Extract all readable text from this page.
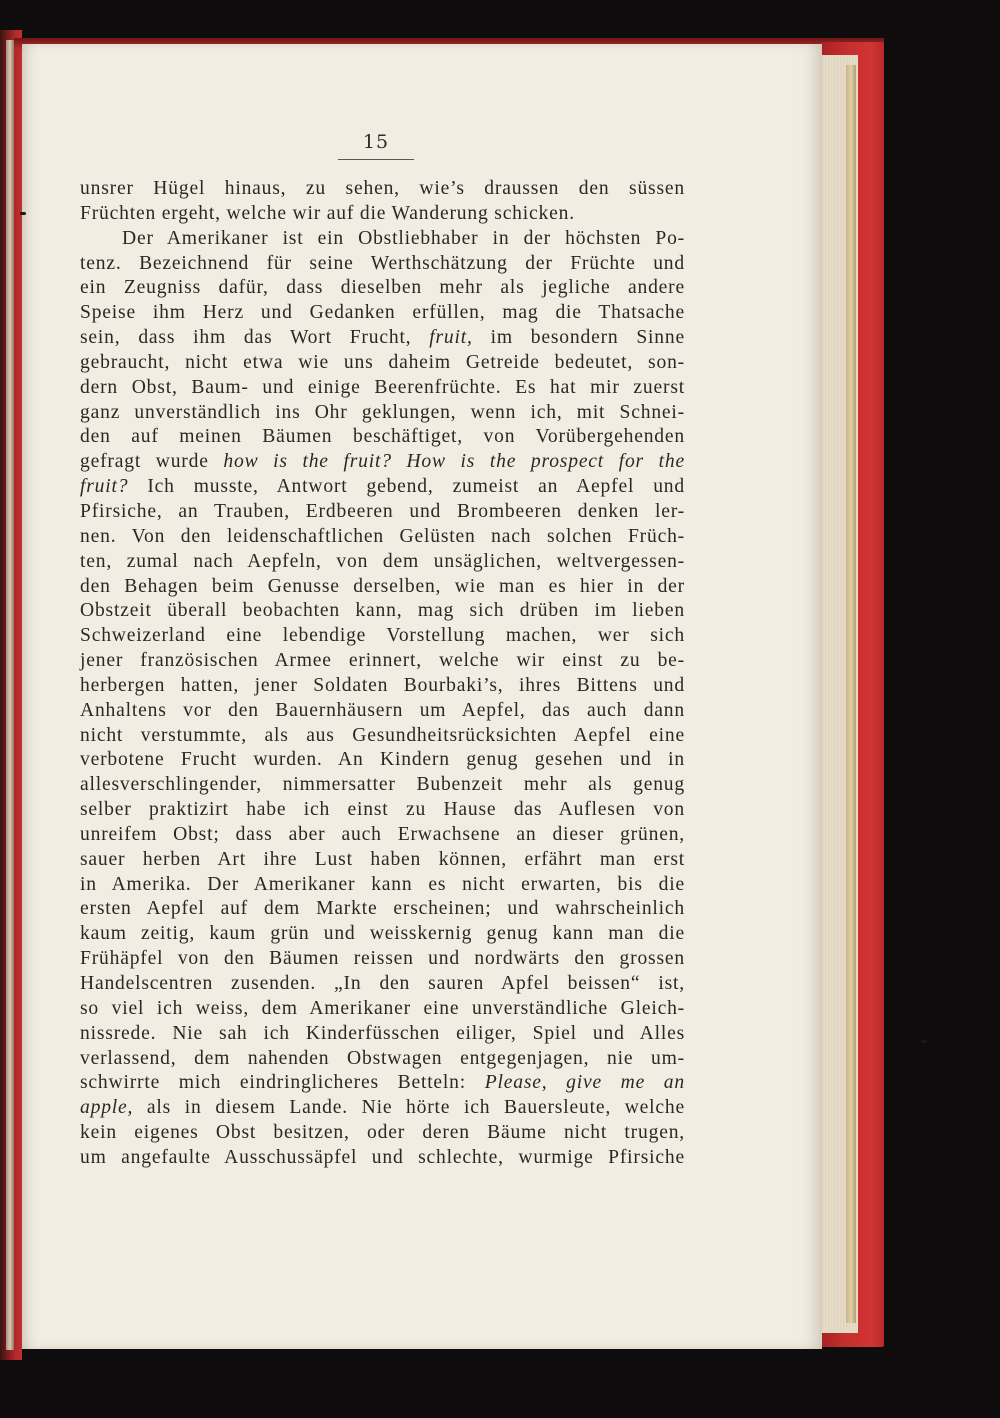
15
unsrer Hügel hinaus, zu sehen, wie’s draussen den süssen
Früchten ergeht, welche wir auf die Wanderung schicken.
Der Amerikaner ist ein Obstliebhaber in der höchsten Po-
tenz. Bezeichnend für seine Werthschätzung der Früchte und
ein Zeugniss dafür, dass dieselben mehr als jegliche andere
Speise ihm Herz und Gedanken erfüllen, mag die Thatsache
sein, dass ihm das Wort Frucht, fruit, im besondern Sinne
gebraucht, nicht etwa wie uns daheim Getreide bedeutet, son-
dern Obst, Baum- und einige Beerenfrüchte. Es hat mir zuerst
ganz unverständlich ins Ohr geklungen, wenn ich, mit Schnei-
den auf meinen Bäumen beschäftiget, von Vorübergehenden
gefragt wurde how is the fruit? How is the prospect for the
fruit? Ich musste, Antwort gebend, zumeist an Aepfel und
Pfirsiche, an Trauben, Erdbeeren und Brombeeren denken ler-
nen. Von den leidenschaftlichen Gelüsten nach solchen Früch-
ten, zumal nach Aepfeln, von dem unsäglichen, weltvergessen-
den Behagen beim Genusse derselben, wie man es hier in der
Obstzeit überall beobachten kann, mag sich drüben im lieben
Schweizerland eine lebendige Vorstellung machen, wer sich
jener französischen Armee erinnert, welche wir einst zu be-
herbergen hatten, jener Soldaten Bourbaki’s, ihres Bittens und
Anhaltens vor den Bauernhäusern um Aepfel, das auch dann
nicht verstummte, als aus Gesundheitsrücksichten Aepfel eine
verbotene Frucht wurden. An Kindern genug gesehen und in
allesverschlingender, nimmersatter Bubenzeit mehr als genug
selber praktizirt habe ich einst zu Hause das Auflesen von
unreifem Obst; dass aber auch Erwachsene an dieser grünen,
sauer herben Art ihre Lust haben können, erfährt man erst
in Amerika. Der Amerikaner kann es nicht erwarten, bis die
ersten Aepfel auf dem Markte erscheinen; und wahrscheinlich
kaum zeitig, kaum grün und weisskernig genug kann man die
Frühäpfel von den Bäumen reissen und nordwärts den grossen
Handelscentren zusenden. „In den sauren Apfel beissen“ ist,
so viel ich weiss, dem Amerikaner eine unverständliche Gleich-
nissrede. Nie sah ich Kinderfüsschen eiliger, Spiel und Alles
verlassend, dem nahenden Obstwagen entgegenjagen, nie um-
schwirrte mich eindringlicheres Betteln: Please, give me an
apple, als in diesem Lande. Nie hörte ich Bauersleute, welche
kein eigenes Obst besitzen, oder deren Bäume nicht trugen,
um angefaulte Ausschussäpfel und schlechte, wurmige Pfirsiche
